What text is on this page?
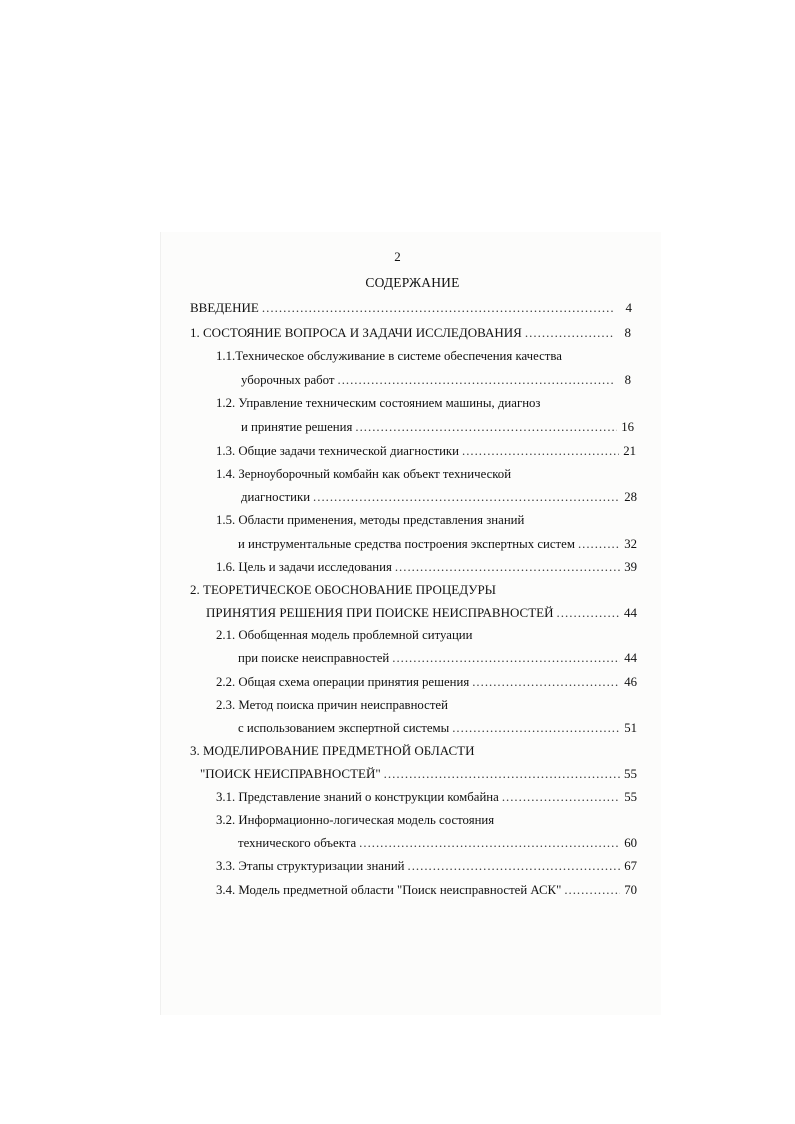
2
СОДЕРЖАНИЕ
ВВЕДЕНИЕ .....	4
1. СОСТОЯНИЕ ВОПРОСА И ЗАДАЧИ ИССЛЕДОВАНИЯ .....	8
1.1.Техническое обслуживание в системе обеспечения качества
уборочных работ .....	8
1.2. Управление техническим состоянием машины, диагноз
и принятие решения .....	16
1.3. Общие задачи технической диагностики .....	21
1.4. Зерноуборочный комбайн как объект технической
диагностики .....	28
1.5. Области применения, методы представления знаний
и инструментальные средства построения экспертных систем .....	32
1.6. Цель и задачи исследования .....	39
2. ТЕОРЕТИЧЕСКОЕ ОБОСНОВАНИЕ ПРОЦЕДУРЫ
ПРИНЯТИЯ РЕШЕНИЯ ПРИ ПОИСКЕ НЕИСПРАВНОСТЕЙ .....	44
2.1. Обобщенная модель проблемной ситуации
при поиске неисправностей .....	44
2.2. Общая схема операции принятия решения .....	46
2.3. Метод поиска причин неисправностей
с использованием экспертной системы .....	51
3. МОДЕЛИРОВАНИЕ ПРЕДМЕТНОЙ ОБЛАСТИ
"ПОИСК НЕИСПРАВНОСТЕЙ" .....	55
3.1. Представление знаний о конструкции комбайна .....	55
3.2. Информационно-логическая модель состояния
технического объекта .....	60
3.3. Этапы структуризации знаний .....	67
3.4. Модель предметной области "Поиск неисправностей АСК" .....	70
